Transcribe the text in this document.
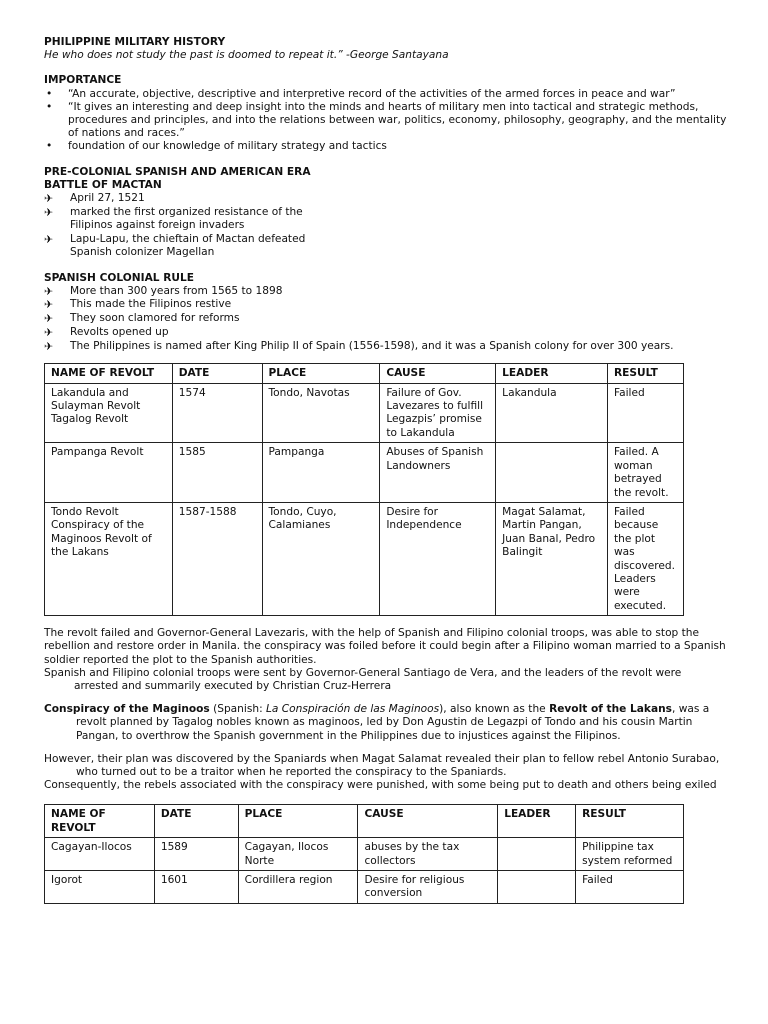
PHILIPPINE MILITARY HISTORY

He who does not study the past is doomed to repeat it.” -George Santayana

IMPORTANCE

• “An accurate, objective, descriptive and interpretive record of the activities of the armed forces in peace and war”
• “It gives an interesting and deep insight into the minds and hearts of military men into tactical and strategic methods, procedures and principles, and into the relations between war, politics, economy, philosophy, geography, and the mentality of nations and races.”
• foundation of our knowledge of military strategy and tactics

PRE-COLONIAL SPANISH AND AMERICAN ERA

BATTLE OF MACTAN

✈ April 27, 1521
✈ marked the first organized resistance of the Filipinos against foreign invaders
✈ Lapu-Lapu, the chieftain of Mactan defeated Spanish colonizer Magellan

SPANISH COLONIAL RULE

✈ More than 300 years from 1565 to 1898
✈ This made the Filipinos restive
✈ They soon clamored for reforms
✈ Revolts opened up
✈ The Philippines is named after King Philip II of Spain (1556-1598), and it was a Spanish colony for over 300 years.
NAME OF REVOLT	DATE	PLACE	CAUSE	LEADER	RESULT
Lakandula and Sulayman Revolt Tagalog Revolt	1574	Tondo, Navotas	Failure of Gov. Lavezares to fulfill Legazpis’ promise to Lakandula	Lakandula	Failed
Pampanga Revolt	1585	Pampanga	Abuses of Spanish Landowners		Failed. A woman betrayed the revolt.
Tondo Revolt Conspiracy of the Maginoos Revolt of the Lakans	1587-1588	Tondo, Cuyo, Calamianes	Desire for Independence	Magat Salamat, Martin Pangan, Juan Banal, Pedro Balingit	Failed because the plot was discovered. Leaders were executed.

The revolt failed and Governor-General Lavezaris, with the help of Spanish and Filipino colonial troops, was able to stop the rebellion and restore order in Manila. the conspiracy was foiled before it could begin after a Filipino woman married to a Spanish soldier reported the plot to the Spanish authorities.

Spanish and Filipino colonial troops were sent by Governor-General Santiago de Vera, and the leaders of the revolt were arrested and summarily executed by Christian Cruz-Herrera

Conspiracy of the Maginoos (Spanish: La Conspiración de las Maginoos), also known as the Revolt of the Lakans, was a revolt planned by Tagalog nobles known as maginoos, led by Don Agustin de Legazpi of Tondo and his cousin Martin Pangan, to overthrow the Spanish government in the Philippines due to injustices against the Filipinos.

However, their plan was discovered by the Spaniards when Magat Salamat revealed their plan to fellow rebel Antonio Surabao, who turned out to be a traitor when he reported the conspiracy to the Spaniards.

Consequently, the rebels associated with the conspiracy were punished, with some being put to death and others being exiled

NAME OF REVOLT	DATE	PLACE	CAUSE	LEADER	RESULT
Cagayan-Ilocos	1589	Cagayan, Ilocos Norte	abuses by the tax collectors		Philippine tax system reformed
Igorot	1601	Cordillera region	Desire for religious conversion		Failed
